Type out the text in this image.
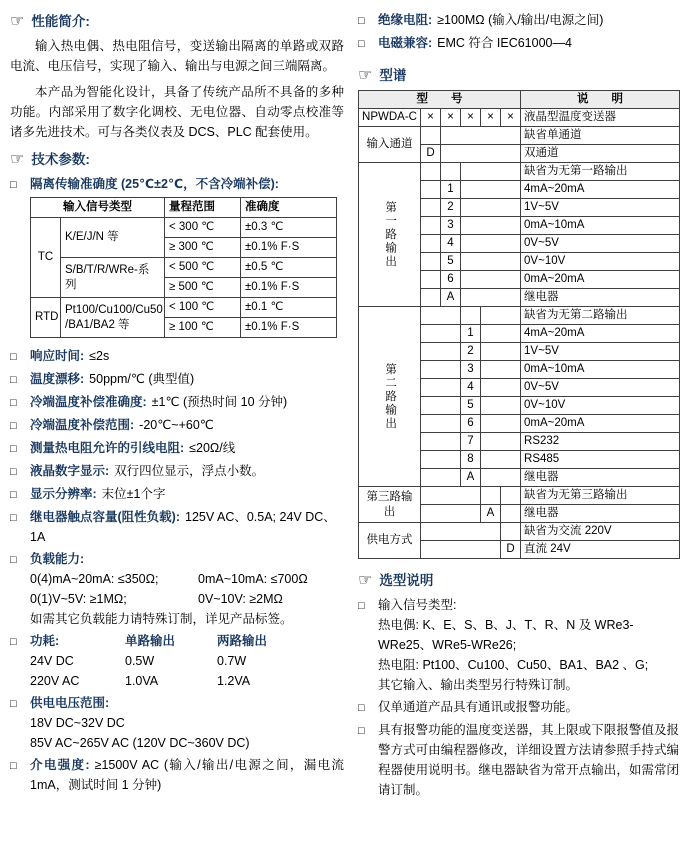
☞ 性能简介:

输入热电偶、热电阻信号，变送输出隔离的单路或双路电流、电压信号，实现了输入、输出与电源之间三端隔离。

本产品为智能化设计，具备了传统产品所不具备的多种功能。内部采用了数字化调校、无电位器、自动零点校准等诸多先进技术。可与各类仪表及 DCS、PLC 配套使用。

☞ 技术参数:
□	隔离传输准确度 (25℃±2℃，不含冷端补偿):
输入信号类型		量程范围	准确度
TC	K/E/J/N 等	< 300 ℃	±0.3 ℃
		≥ 300 ℃	±0.1% F·S
	S/B/T/R/WRe-系列	< 500 ℃	±0.5 ℃
		≥ 500 ℃	±0.1% F·S
RTD	Pt100/Cu100/Cu50 /BA1/BA2 等	< 100 ℃	±0.1 ℃
		≥ 100 ℃	±0.1% F·S
□	响应时间: ≤2s
□	温度漂移: 50ppm/℃ (典型值)
□	冷端温度补偿准确度: ±1℃ (预热时间 10 分钟)
□	冷端温度补偿范围: -20℃~+60℃
□	测量热电阻允许的引线电阻: ≤20Ω/线
□	液晶数字显示: 双行四位显示，浮点小数。
□	显示分辨率: 末位±1个字
□	继电器触点容量(阻性负载): 125V AC、0.5A; 24V DC、1A
□	负载能力:
0(4)mA~20mA: ≤350Ω;	0mA~10mA: ≤700Ω
0(1)V~5V: ≥1MΩ;	0V~10V: ≥2MΩ
如需其它负载能力请特殊订制，详见产品标签。
□	功耗:	单路输出	两路输出
24V DC	0.5W	0.7W
220V AC	1.0VA	1.2VA
□	供电电压范围:
18V DC~32V DC
85V AC~265V AC (120V DC~360V DC)
□	介电强度: ≥1500V AC (输入/输出/电源之间，漏电流 1mA，测试时间 1 分钟)
□	绝缘电阻: ≥100MΩ (输入/输出/电源之间)
□	电磁兼容: EMC 符合 IEC61000—4
☞ 型谱
型　　号						说　　明
NPWDA-C	×	×	×	×	×	液晶型温度变送器
输入通道						缺省单通道
	D					双通道

第一路输出						缺省为无第一路输出
		1				4mA~20mA
		2				1V~5V
		3				0mA~10mA
		4				0V~5V
		5				0V~10V
		6				0mA~20mA
		A				继电器

第二路输出						缺省为无第二路输出
			1			4mA~20mA
			2			1V~5V
			3			0mA~10mA
			4			0V~5V
			5			0V~10V
			6			0mA~20mA
			7			RS232
			8			RS485
			A			继电器
第三路输出						缺省为无第三路输出
				A		继电器
供电方式						缺省为交流 220V
					D	直流 24V
☞ 选型说明
□	输入信号类型:
热电偶: K、E、S、B、J、T、R、N 及 WRe3-WRe25、WRe5-WRe26;
热电阻: Pt100、Cu100、Cu50、BA1、BA2 、G;
其它输入、输出类型另行特殊订制。
□	仅单通道产品具有通讯或报警功能。
□	具有报警功能的温度变送器，其上限或下限报警值及报警方式可由编程器修改，详细设置方法请参照手持式编程器使用说明书。继电器缺省为常开点输出，如需常闭请订制。
